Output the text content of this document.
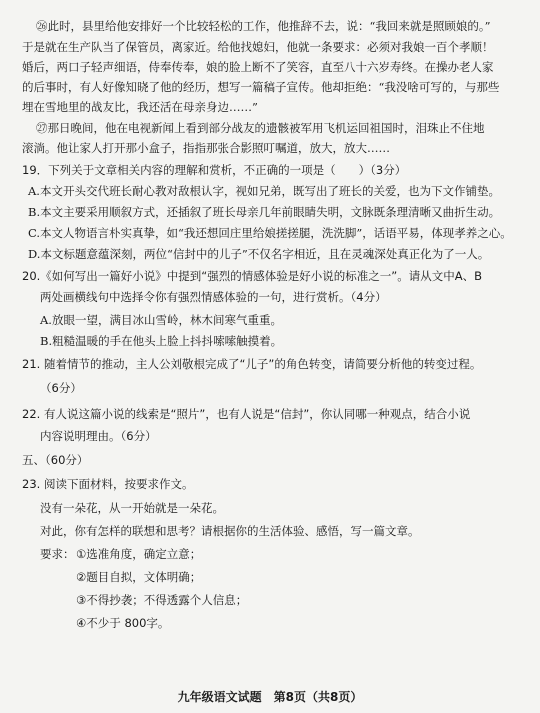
㉖此时，县里给他安排好一个比较轻松的工作，他推辞不去，说：“我回来就是照顾娘的。”
于是就在生产队当了保管员，离家近。给他找媳妇，他就一条要求：必须对我娘一百个孝顺！
婚后，两口子轻声细语，侍奉传奉，娘的脸上断不了笑容，直至八十六岁寿终。在操办老人家
的后事时，有人好像知晓了他的经历，想写一篇稿子宣传。他却拒绝：“我没啥可写的，与那些
埋在雪地里的战友比，我还活在母亲身边……”
㉗那日晚间，他在电视新闻上看到部分战友的遗骸被军用飞机运回祖国时，泪珠止不住地
滚淌。他让家人打开那小盒子，指指那张合影照叮嘱道，放大，放大……
19．下列关于文章相关内容的理解和赏析，不正确的一项是（　　）（3分）
A.本文开头交代班长耐心教对敌根认字，视如兄弟，既写出了班长的关爱，也为下文作铺垫。
B.本文主要采用顺叙方式，还插叙了班长母亲几年前眼睛失明，文脉既条理清晰又曲折生动。
C.本文人物语言朴实真挚，如“我还想回庄里给娘搓搓腿，洗洗脚”，话语平易，体现孝养之心。
D.本文标题意蕴深刻，两位“信封中的儿子”不仅名字相近，且在灵魂深处真正化为了一人。
20.《如何写出一篇好小说》中提到“强烈的情感体验是好小说的标准之一”。请从文中A、B
两处画横线句中选择令你有强烈情感体验的一句，进行赏析。（4分）
A.放眼一望，满目冰山雪岭，林木间寒气重重。
B.粗糙温暖的手在他头上脸上抖抖嗦嗦触摸着。
21. 随着情节的推动，主人公刘敬根完成了“儿子”的角色转变，请简要分析他的转变过程。
（6分）
22. 有人说这篇小说的线索是“照片”，也有人说是“信封”，你认同哪一种观点，结合小说
内容说明理由。（6分）
五、（60分）
23. 阅读下面材料，按要求作文。
没有一朵花，从一开始就是一朵花。
对此，你有怎样的联想和思考？请根据你的生活体验、感悟，写一篇文章。
要求： ①选准角度，确定立意；
②题目自拟，文体明确；
③不得抄袭；不得透露个人信息；
④不少于 800字。
九年级语文试题　第8页（共8页）
